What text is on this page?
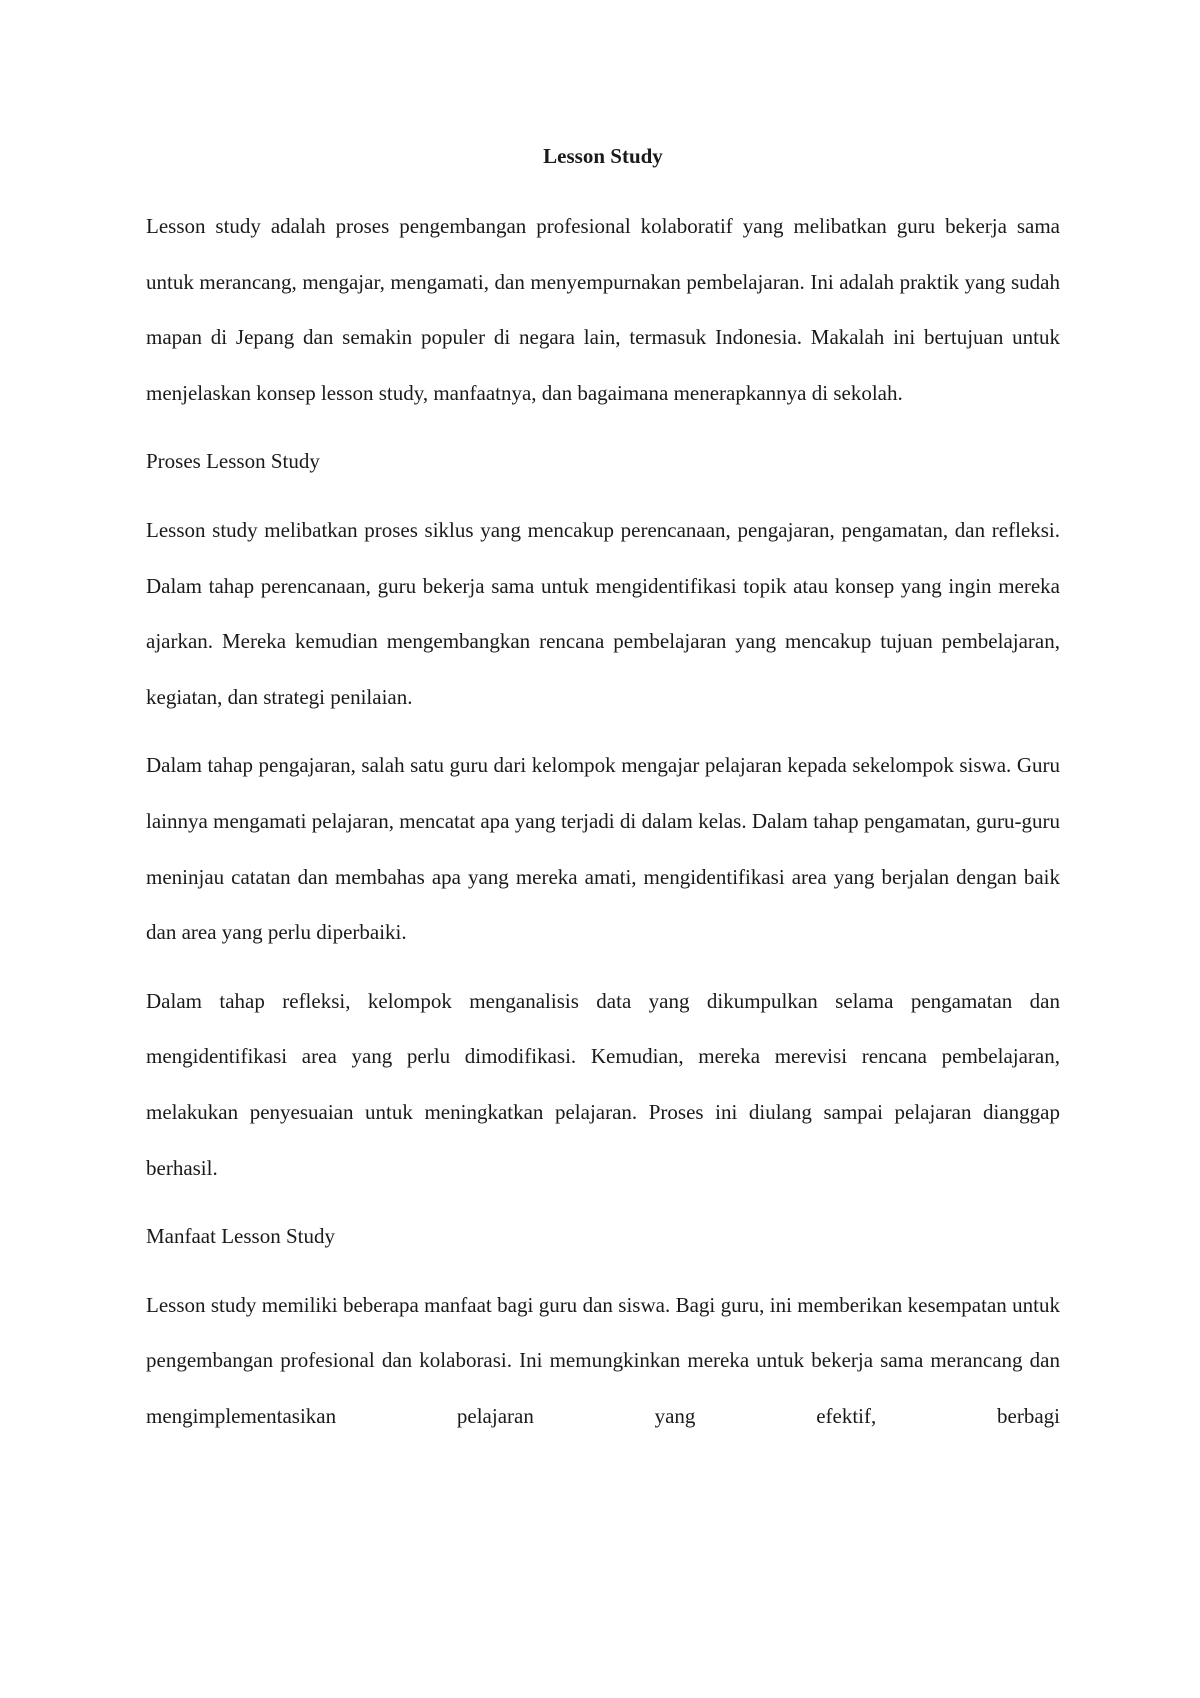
Lesson Study

Lesson study adalah proses pengembangan profesional kolaboratif yang melibatkan guru bekerja sama untuk merancang, mengajar, mengamati, dan menyempurnakan pembelajaran. Ini adalah praktik yang sudah mapan di Jepang dan semakin populer di negara lain, termasuk Indonesia. Makalah ini bertujuan untuk menjelaskan konsep lesson study, manfaatnya, dan bagaimana menerapkannya di sekolah.

Proses Lesson Study

Lesson study melibatkan proses siklus yang mencakup perencanaan, pengajaran, pengamatan, dan refleksi. Dalam tahap perencanaan, guru bekerja sama untuk mengidentifikasi topik atau konsep yang ingin mereka ajarkan. Mereka kemudian mengembangkan rencana pembelajaran yang mencakup tujuan pembelajaran, kegiatan, dan strategi penilaian.

Dalam tahap pengajaran, salah satu guru dari kelompok mengajar pelajaran kepada sekelompok siswa. Guru lainnya mengamati pelajaran, mencatat apa yang terjadi di dalam kelas. Dalam tahap pengamatan, guru-guru meninjau catatan dan membahas apa yang mereka amati, mengidentifikasi area yang berjalan dengan baik dan area yang perlu diperbaiki.

Dalam tahap refleksi, kelompok menganalisis data yang dikumpulkan selama pengamatan dan mengidentifikasi area yang perlu dimodifikasi. Kemudian, mereka merevisi rencana pembelajaran, melakukan penyesuaian untuk meningkatkan pelajaran. Proses ini diulang sampai pelajaran dianggap berhasil.

Manfaat Lesson Study

Lesson study memiliki beberapa manfaat bagi guru dan siswa. Bagi guru, ini memberikan kesempatan untuk pengembangan profesional dan kolaborasi. Ini memungkinkan mereka untuk bekerja sama merancang dan mengimplementasikan pelajaran yang efektif, berbagi
